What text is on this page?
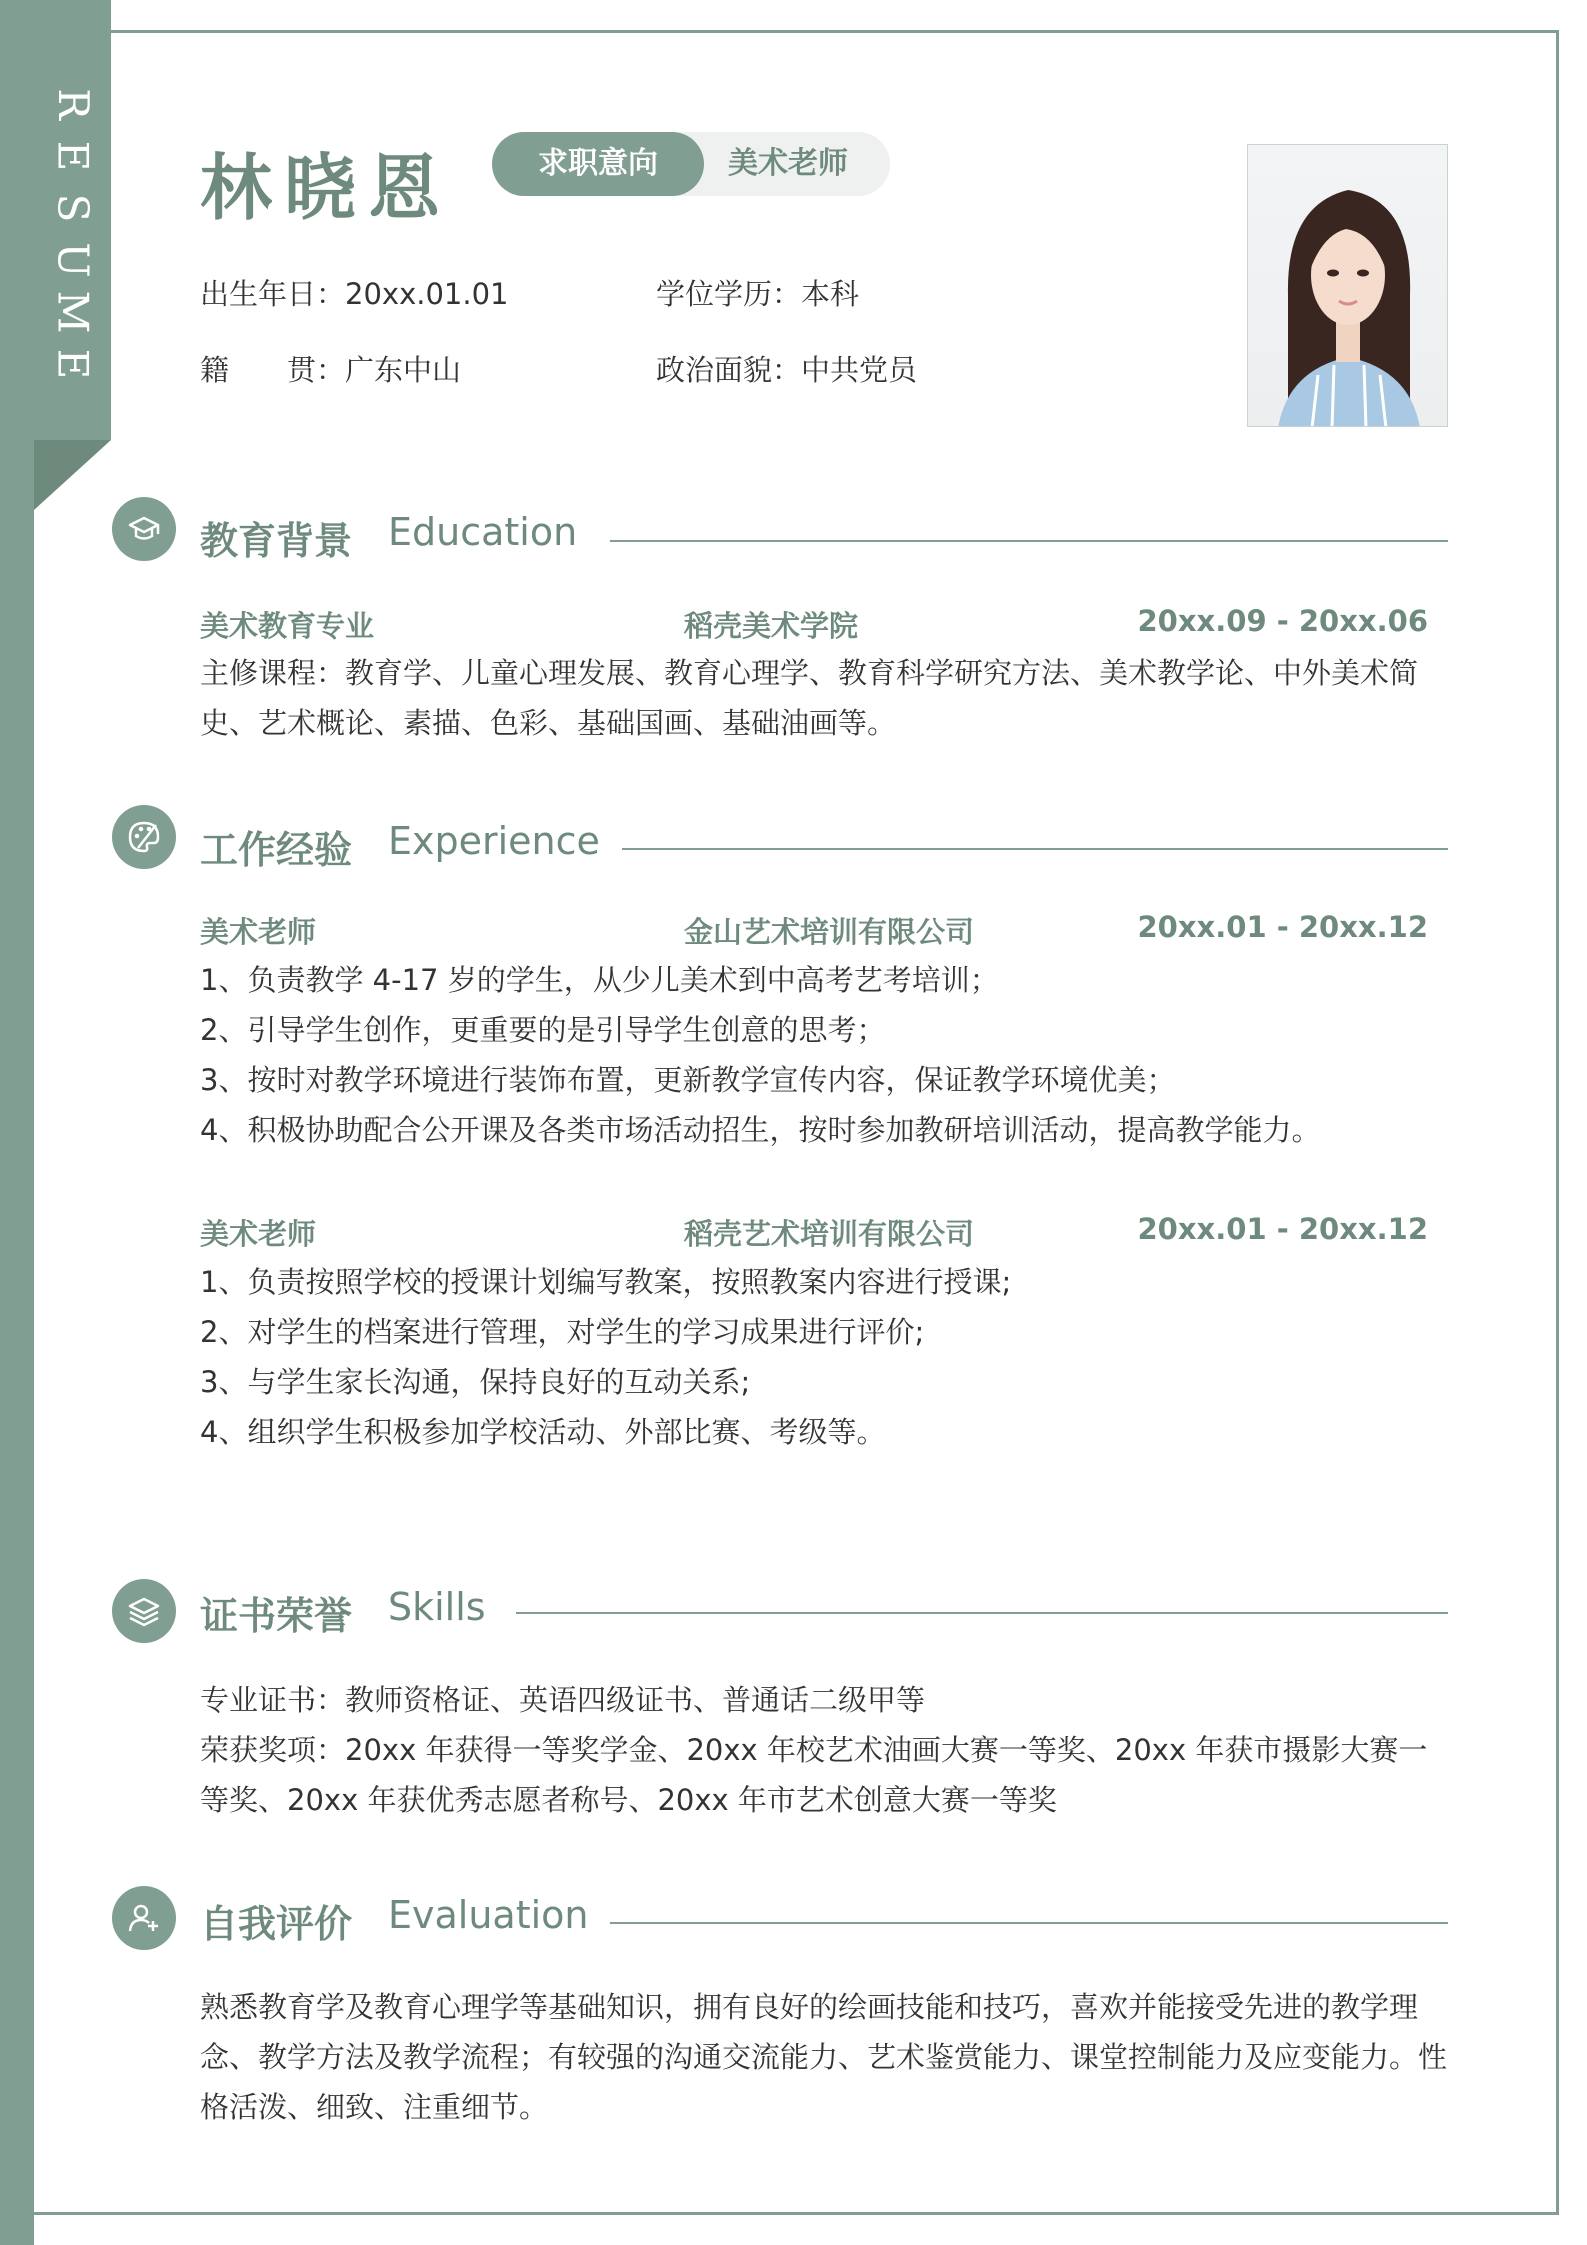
R
E
S
U
M
E
林晓恩	求职意向	美术老师
出生年日：20xx.01.01	学位学历：本科
籍　　贯：广东中山	政治面貌：中共党员
教育背景 Education
美术教育专业	稻壳美术学院	20xx.09 - 20xx.06

主修课程：教育学、儿童心理发展、教育心理学、教育科学研究方法、美术教学论、中外美术简史、艺术概论、素描、色彩、基础国画、基础油画等。

工作经验 Experience
美术老师	金山艺术培训有限公司	20xx.01 - 20xx.12

1、负责教学 4-17 岁的学生，从少儿美术到中高考艺考培训；

2、引导学生创作，更重要的是引导学生创意的思考；

3、按时对教学环境进行装饰布置，更新教学宣传内容，保证教学环境优美；

4、积极协助配合公开课及各类市场活动招生，按时参加教研培训活动，提高教学能力。

美术老师	稻壳艺术培训有限公司	20xx.01 - 20xx.12

1、负责按照学校的授课计划编写教案，按照教案内容进行授课;

2、对学生的档案进行管理，对学生的学习成果进行评价;

3、与学生家长沟通，保持良好的互动关系;

4、组织学生积极参加学校活动、外部比赛、考级等。

证书荣誉 Skills

专业证书：教师资格证、英语四级证书、普通话二级甲等

荣获奖项：20xx 年获得一等奖学金、20xx 年校艺术油画大赛一等奖、20xx 年获市摄影大赛一等奖、20xx 年获优秀志愿者称号、20xx 年市艺术创意大赛一等奖

自我评价 Evaluation

熟悉教育学及教育心理学等基础知识，拥有良好的绘画技能和技巧，喜欢并能接受先进的教学理念、教学方法及教学流程；有较强的沟通交流能力、艺术鉴赏能力、课堂控制能力及应变能力。性格活泼、细致、注重细节。
